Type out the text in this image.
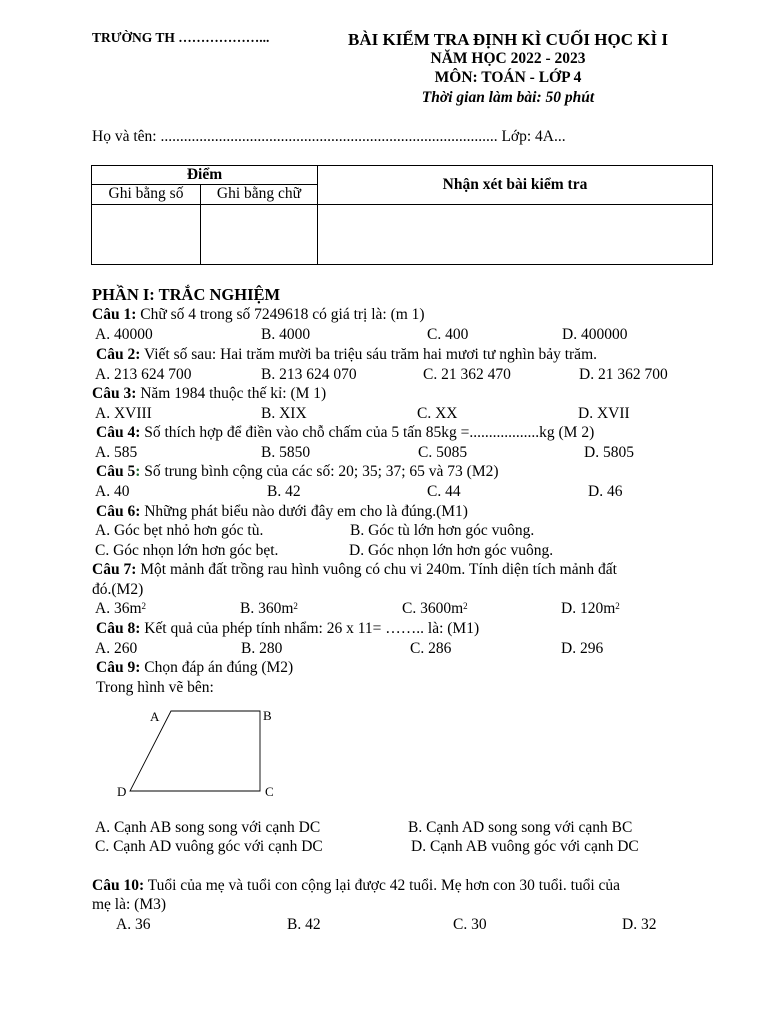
TRƯỜNG TH ………………...	BÀI KIỂM TRA ĐỊNH KÌ CUỐI HỌC KÌ I
NĂM HỌC 2022 - 2023
MÔN: TOÁN - LỚP 4
Thời gian làm bài: 50 phút
Họ và tên: ....................................................................................... Lớp: 4A...
Điểm
Ghi bằng số	Ghi bằng chữ
Nhận xét bài kiểm tra
PHẦN I: TRẮC NGHIỆM
Câu 1: Chữ số 4 trong số 7249618 có giá trị là: (m 1)
A. 40000	B. 4000	C. 400	D. 400000
Câu 2: Viết số sau: Hai trăm mười ba triệu sáu trăm hai mươi tư nghìn bảy trăm.
A. 213 624 700	B. 213 624 070	C. 21 362 470	D. 21 362 700
Câu 3: Năm 1984 thuộc thế kỉ: (M 1)
A. XVIII	B. XIX	C. XX	D. XVII
Câu 4: Số thích hợp để điền vào chỗ chấm của 5 tấn 85kg =..................kg (M 2)
A. 585	B. 5850	C. 5085	D. 5805
Câu 5: Số trung bình cộng của các số: 20; 35; 37; 65 và 73 (M2)
A. 40	B. 42	C. 44	D. 46
Câu 6: Những phát biểu nào dưới đây em cho là đúng.(M1)
A. Góc bẹt nhỏ hơn góc tù.	B. Góc tù lớn hơn góc vuông.
C. Góc nhọn lớn hơn góc bẹt.	D. Góc nhọn lớn hơn góc vuông.
Câu 7: Một mảnh đất trồng rau hình vuông có chu vi 240m. Tính diện tích mảnh đất
đó.(M2)
A. $36m^2$	B. $360m^2$	C. $3600m^2$	D. $120m^2$
Câu 8: Kết quả của phép tính nhẩm: 26 x 11= …….. là: (M1)
A. 260	B. 280	C. 286	D. 296
Câu 9: Chọn đáp án đúng (M2)
Trong hình vẽ bên:
A	B
C
D
A. Cạnh AB song song với cạnh DC	B. Cạnh AD song song với cạnh BC
C. Cạnh AD vuông góc với cạnh DC	D. Cạnh AB vuông góc với cạnh DC
Câu 10: Tuổi của mẹ và tuổi con cộng lại được 42 tuổi. Mẹ hơn con 30 tuổi. tuổi của
mẹ là: (M3)
A. 36	B. 42	C. 30	D. 32
